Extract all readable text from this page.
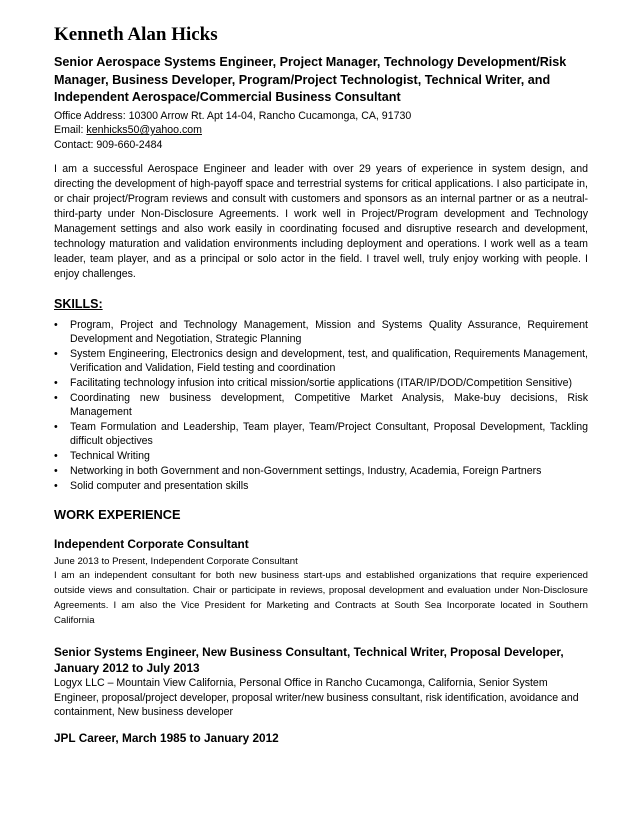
Kenneth Alan Hicks

Senior Aerospace Systems Engineer, Project Manager, Technology Development/Risk Manager, Business Developer, Program/Project Technologist, Technical Writer, and Independent Aerospace/Commercial Business Consultant

Office Address: 10300 Arrow Rt. Apt 14-04, Rancho Cucamonga, CA, 91730

Email: kenhicks50@yahoo.com

Contact: 909-660-2484

I am a successful Aerospace Engineer and leader with over 29 years of experience in system design, and directing the development of high-payoff space and terrestrial systems for critical applications. I also participate in, or chair project/Program reviews and consult with customers and sponsors as an internal partner or as a neutral-third-party under Non-Disclosure Agreements. I work well in Project/Program development and Technology Management settings and also work easily in coordinating focused and disruptive research and development, technology maturation and validation environments including deployment and operations. I work well as a team leader, team player, and as a principal or solo actor in the field. I travel well, truly enjoy working with people. I enjoy challenges.

SKILLS:
• Program, Project and Technology Management, Mission and Systems Quality Assurance, Requirement Development and Negotiation, Strategic Planning
• System Engineering, Electronics design and development, test, and qualification, Requirements Management, Verification and Validation, Field testing and coordination
• Facilitating technology infusion into critical mission/sortie applications (ITAR/IP/DOD/Competition Sensitive)
• Coordinating new business development, Competitive Market Analysis, Make-buy decisions, Risk Management
• Team Formulation and Leadership, Team player, Team/Project Consultant, Proposal Development, Tackling difficult objectives
• Technical Writing
• Networking in both Government and non-Government settings, Industry, Academia, Foreign Partners
• Solid computer and presentation skills
WORK EXPERIENCE
Independent Corporate Consultant

June 2013 to Present, Independent Corporate Consultant

I am an independent consultant for both new business start-ups and established organizations that require experienced outside views and consultation. Chair or participate in reviews, proposal development and evaluation under Non-Disclosure Agreements. I am also the Vice President for Marketing and Contracts at South Sea Incorporate located in Southern California

Senior Systems Engineer, New Business Consultant, Technical Writer, Proposal Developer, January 2012 to July 2013

Logyx LLC – Mountain View California, Personal Office in Rancho Cucamonga, California, Senior System Engineer, proposal/project developer, proposal writer/new business consultant, risk identification, avoidance and containment, New business developer

JPL Career, March 1985 to January 2012
